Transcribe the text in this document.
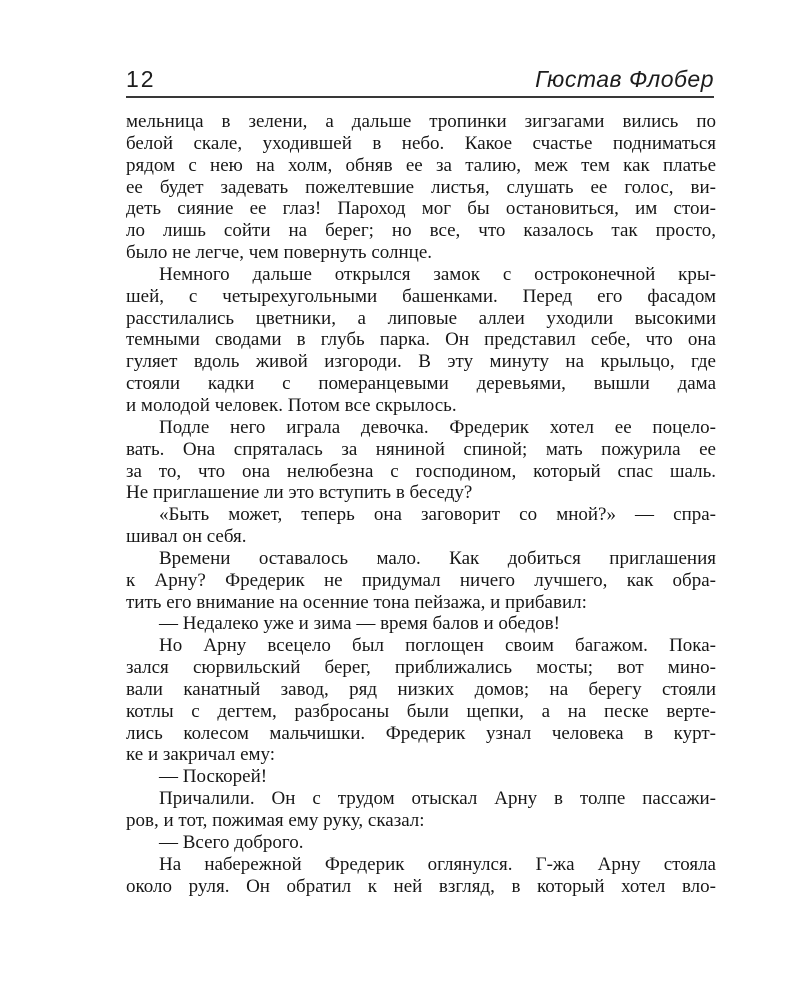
12	Гюстав Флобер

мельница в зелени, а дальше тропинки зигзагами вились по
белой скале, уходившей в небо. Какое счастье подниматься
рядом с нею на холм, обняв ее за талию, меж тем как платье
ее будет задевать пожелтевшие листья, слушать ее голос, ви-
деть сияние ее глаз! Пароход мог бы остановиться, им стои-
ло лишь сойти на берег; но все, что казалось так просто,
было не легче, чем повернуть солнце.

Немного дальше открылся замок с остроконечной кры-
шей, с четырехугольными башенками. Перед его фасадом
расстилались цветники, а липовые аллеи уходили высокими
темными сводами в глубь парка. Он представил себе, что она
гуляет вдоль живой изгороди. В эту минуту на крыльцо, где
стояли кадки с померанцевыми деревьями, вышли дама
и молодой человек. Потом все скрылось.

Подле него играла девочка. Фредерик хотел ее поцело-
вать. Она спряталась за няниной спиной; мать пожурила ее
за то, что она нелюбезна с господином, который спас шаль.
Не приглашение ли это вступить в беседу?

«Быть может, теперь она заговорит со мной?» — спра-
шивал он себя.

Времени оставалось мало. Как добиться приглашения
к Арну? Фредерик не придумал ничего лучшего, как обра-
тить его внимание на осенние тона пейзажа, и прибавил:

— Недалеко уже и зима — время балов и обедов!

Но Арну всецело был поглощен своим багажом. Пока-
зался сюрвильский берег, приближались мосты; вот мино-
вали канатный завод, ряд низких домов; на берегу стояли
котлы с дегтем, разбросаны были щепки, а на песке верте-
лись колесом мальчишки. Фредерик узнал человека в курт-
ке и закричал ему:

— Поскорей!

Причалили. Он с трудом отыскал Арну в толпе пассажи-
ров, и тот, пожимая ему руку, сказал:

— Всего доброго.

На набережной Фредерик оглянулся. Г-жа Арну стояла
около руля. Он обратил к ней взгляд, в который хотел вло-
